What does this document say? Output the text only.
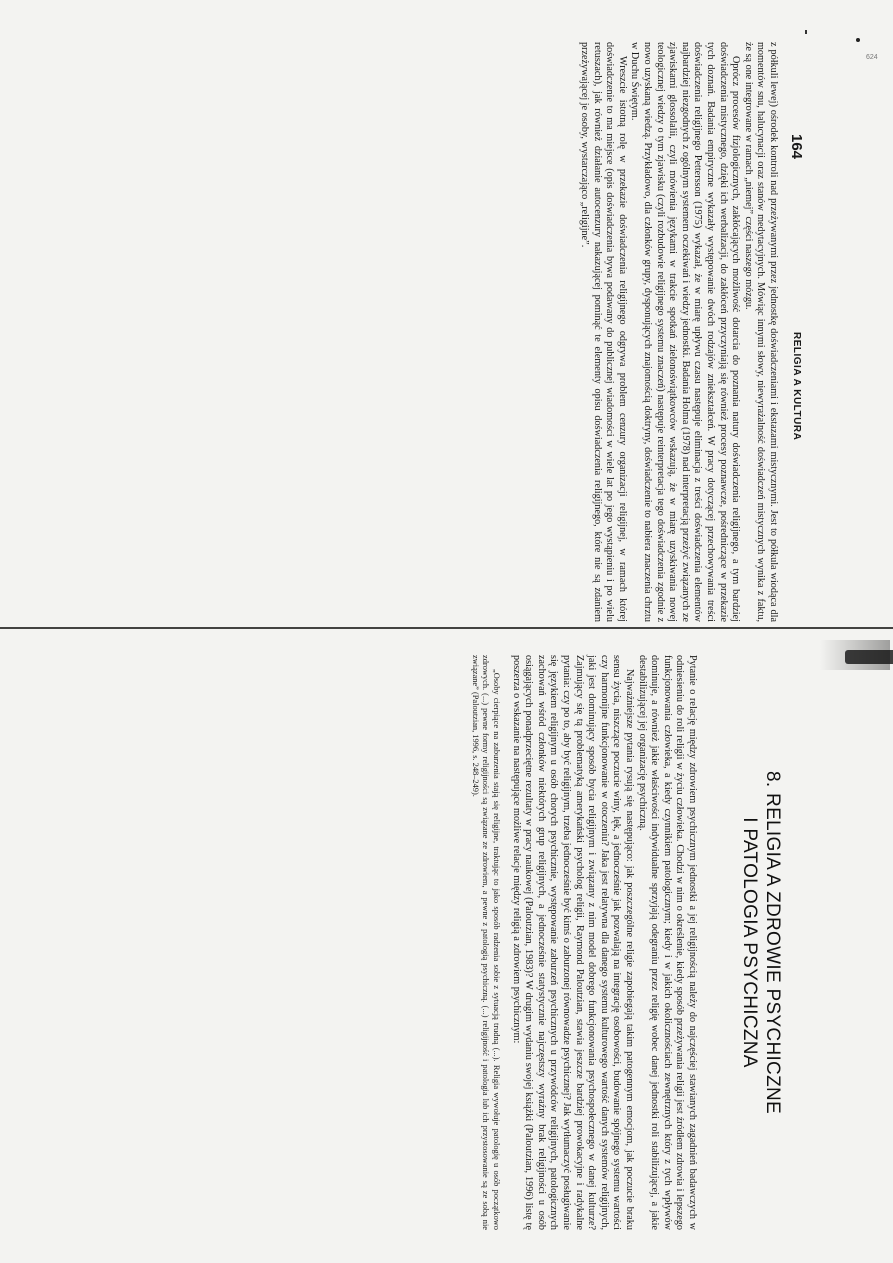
624
164
RELIGIA A KULTURA

z półkuli lewej) ośrodek kontroli nad przeżywanymi przez jednostkę doświadczeniami i ekstazami mistycznymi. Jest to półkula wiodąca dla momentów snu, halucynacji oraz stanów medytacyjnych. Mówiąc innymi słowy, niewyrażalność doświadczeń mistycznych wynika z faktu, że są one integrowane w ramach „niemej” części naszego mózgu.

Oprócz procesów fizjologicznych, zakłócających możliwość dotarcia do poznania natury doświadczenia religijnego, a tym bardziej doświadczenia mistycznego, dzięki ich werbalizacji, do zakłóceń przyczyniają się również procesy poznawcze, pośredniczące w przekazie tych doznań. Badania empiryczne wykazały występowanie dwóch rodzajów zniekształceń. W pracy dotyczącej przechowywania treści doświadczenia religijnego Pettersson (1975) wykazał, że w miarę upływu czasu następuje eliminacja z treści doświadczenia elementów najbardziej niezgodnych z ogólnym systemem oczekiwań i wiedzy jednostki. Badania Holma (1978) nad interpretacją przeżyć związanych ze zjawiskami glossolalii, czyli mówienia językami w trakcie spotkań zielonoświątkowców wskazują, że w miarę uzyskiwania nowej teologicznej wiedzy o tym zjawisku (czyli rozbudowie religijnego systemu znaczeń) następuje reinterpretacja tego doświadczenia zgodnie z nowo uzyskaną wiedzą. Przykładowo, dla członków grupy, dysponujących znajomością doktryny, doświadczenie to nabiera znaczenia chrztu w Duchu Świętym.

Wreszcie istotną rolę w przekazie doświadczenia religijnego odgrywa problem cenzury organizacji religijnej, w ramach której doświadczenie to ma miejsce (opis doświadczenia bywa podawany do publicznej wiadomości w wiele lat po jego wystąpieniu i po wielu retuszach), jak również działanie autocenzury nakazującej pominąć te elementy opisu doświadczenia religijnego, które nie są zdaniem przeżywającej je osoby, wystarczająco „religijne”.

8. RELIGIA A ZDROWIE PSYCHICZNE
I PATOLOGIA PSYCHICZNA

Pytanie o relację między zdrowiem psychicznym jednostki a jej religijnością należy do najczęściej stawianych zagadnień badawczych w odniesieniu do roli religii w życiu człowieka. Chodzi w nim o określenie, kiedy sposób przeżywania religii jest źródłem zdrowia i lepszego funkcjonowania człowieka, a kiedy czynnikiem patologicznym; kiedy i w jakich okolicznościach zewnętrznych który z tych wpływów dominuje, a również jakie właściwości indywidualne sprzyjają odegraniu przez religię wobec danej jednostki roli stabilizującej, a jakie destabilizującej jej organizację psychiczną.

Najważniejsze pytania rysują się następująco: jak poszczególne religie zapobiegają takim patogennym emocjom, jak poczucie braku sensu życia, niszczące poczucie winy, lęk, a jednocześnie jak pozwalają na integrację osobowości, budowanie spójnego systemu wartości czy harmonijne funkcjonowanie w otoczeniu? Jaka jest relatywna dla danego systemu kulturowego wartość danych systemów religijnych, jaki jest dominujący sposób bycia religijnym i związany z nim model dobrego funkcjonowania psychospołecznego w danej kulturze? Zajmujący się tą problematyką amerykański psycholog religii, Raymond Paloutzian, stawia jeszcze bardziej prowokacyjne i radykalne pytania: czy po to, aby być religijnym, trzeba jednocześnie być kimś o zaburzonej równowadze psychicznej? Jak wytłumaczyć posługiwanie się językiem religijnym u osób chorych psychicznie, występowanie zaburzeń psychicznych u przywódców religijnych, patologicznych zachowań wśród członków niektórych grup religijnych, a jednocześnie statystycznie najczęstszy wyraźny brak religijności u osób osiągających ponadprzeciętne rezultaty w pracy naukowej (Paloutzian, 1983)? W drugim wydaniu swojej książki (Paloutzian, 1996) listę tę poszerza o wskazanie na następujące możliwe relacje między religią a zdrowiem psychicznym:

„Osoby cierpiące na zaburzenia stają się religijne, traktując to jako sposób radzenia sobie z sytuacją trudną (...). Religia wywołuje patologię u osób początkowo zdrowych. (...) pewne formy religijności są związane ze zdrowiem, a pewne z patologią psychiczną. (...) religijność i patologia lub ich przystosowanie są ze sobą nie związane” (Paloutzian, 1996, s. 248–249).
